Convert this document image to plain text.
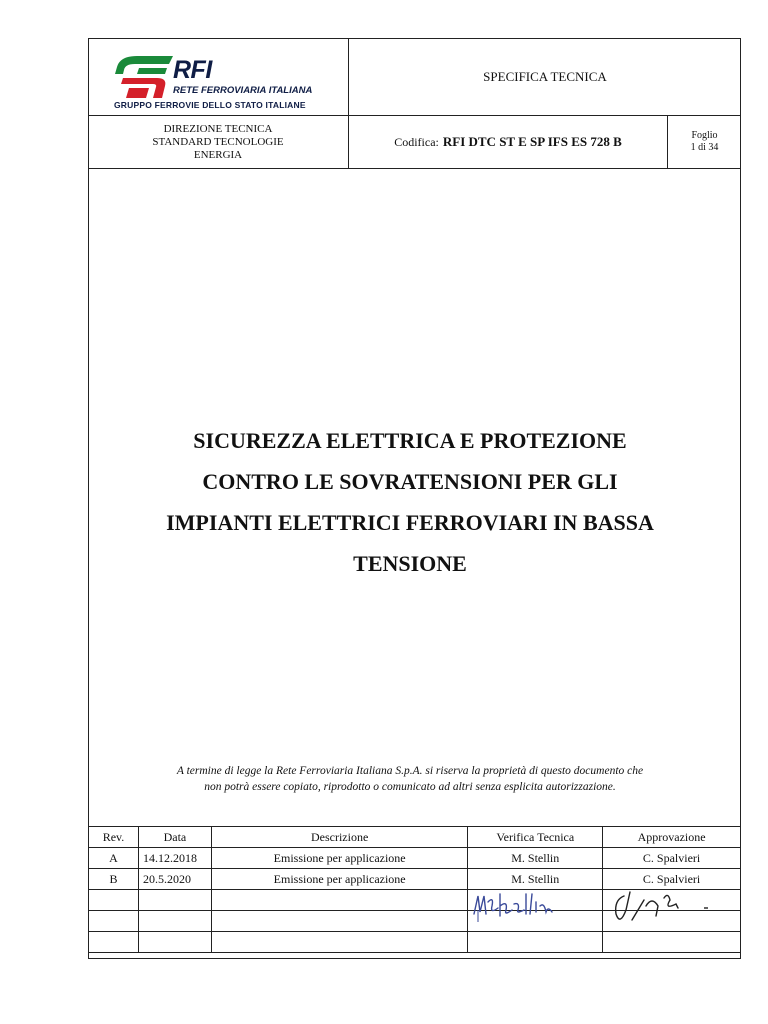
RFI
RETE FERROVIARIA ITALIANA
GRUPPO FERROVIE DELLO STATO ITALIANE
SPECIFICA TECNICA
DIREZIONE TECNICA
STANDARD TECNOLOGIE
ENERGIA
Codifica: RFI DTC ST E SP IFS ES 728 B	Foglio
1 di 34
SICUREZZA ELETTRICA E PROTEZIONE
CONTRO LE SOVRATENSIONI PER GLI
IMPIANTI ELETTRICI FERROVIARI IN BASSA
TENSIONE
A termine di legge la Rete Ferroviaria Italiana S.p.A. si riserva la proprietà di questo documento che
non potrà essere copiato, riprodotto o comunicato ad altri senza esplicita autorizzazione.
Rev.	Data	Descrizione	Verifica Tecnica	Approvazione
A	14.12.2018	Emissione per applicazione	M. Stellin	C. Spalvieri
B	20.5.2020	Emissione per applicazione	M. Stellin	C. Spalvieri
